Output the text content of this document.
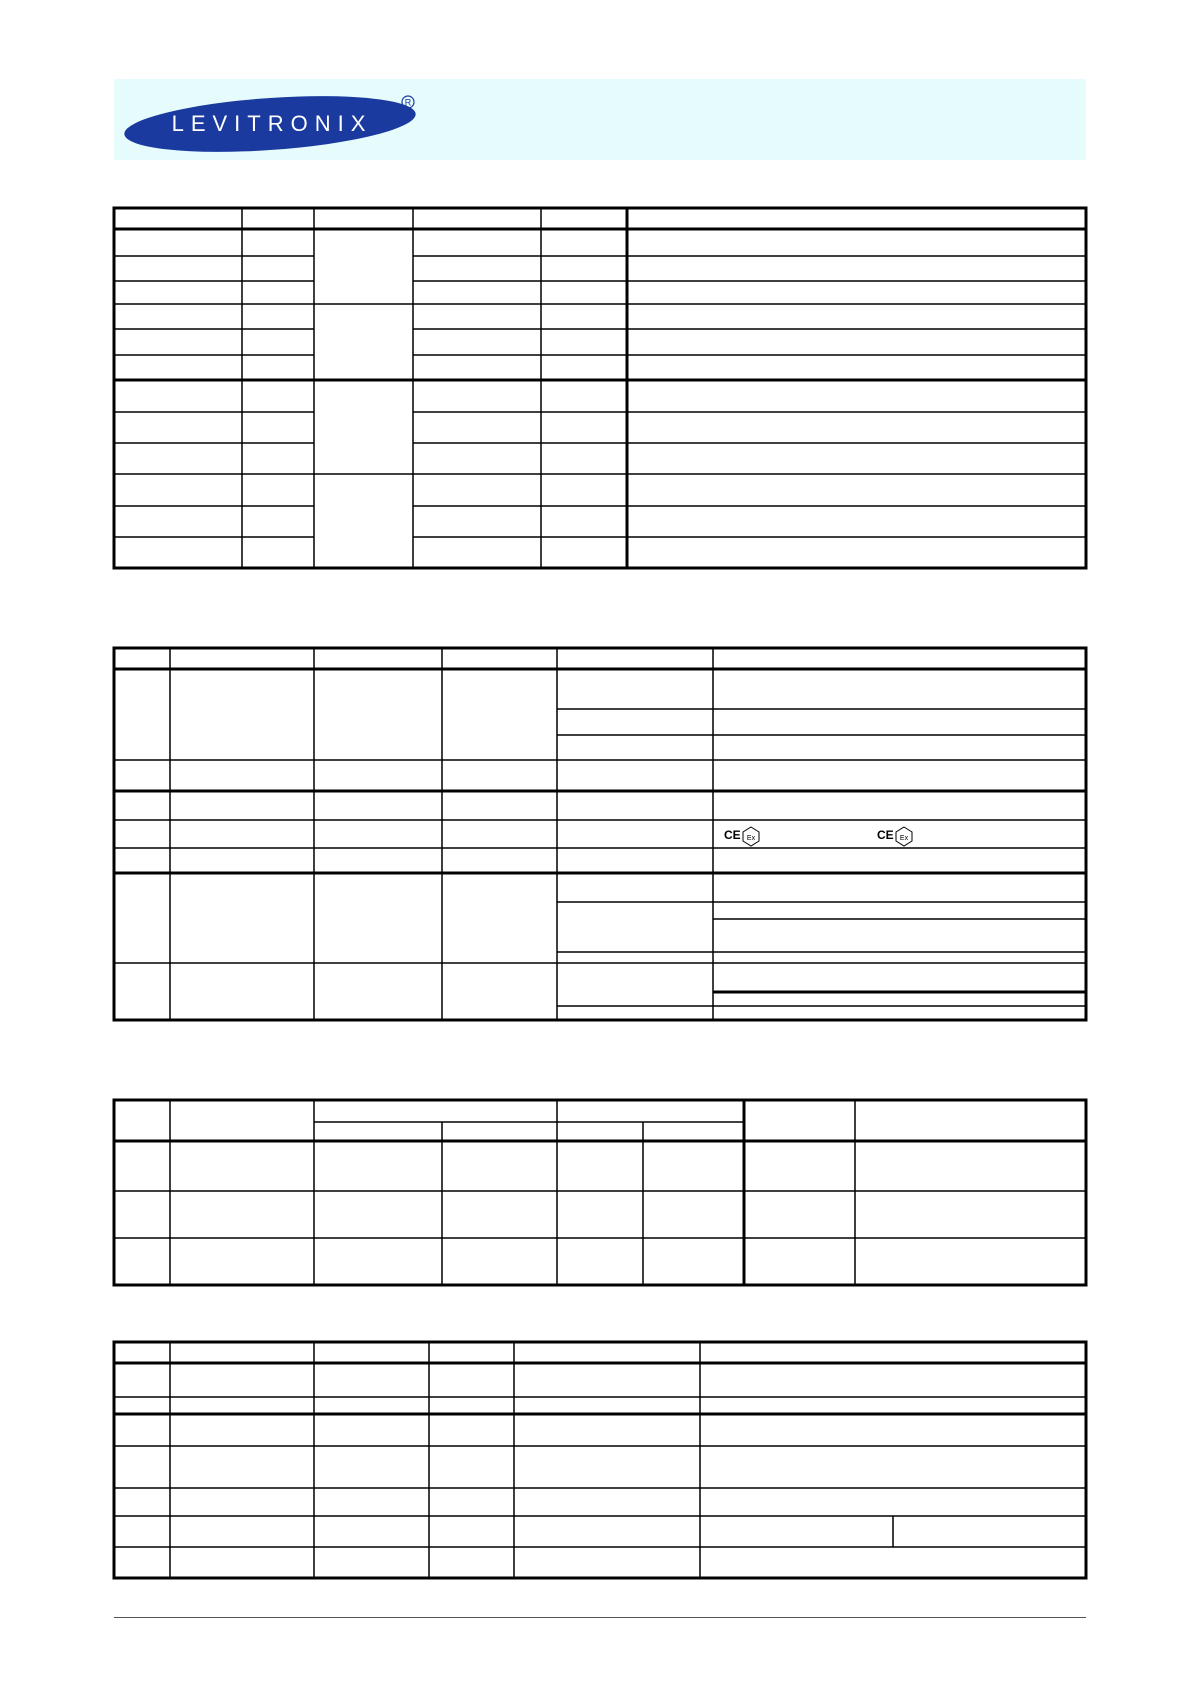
LEVITRONIX
R
CE Ex	CE Ex
